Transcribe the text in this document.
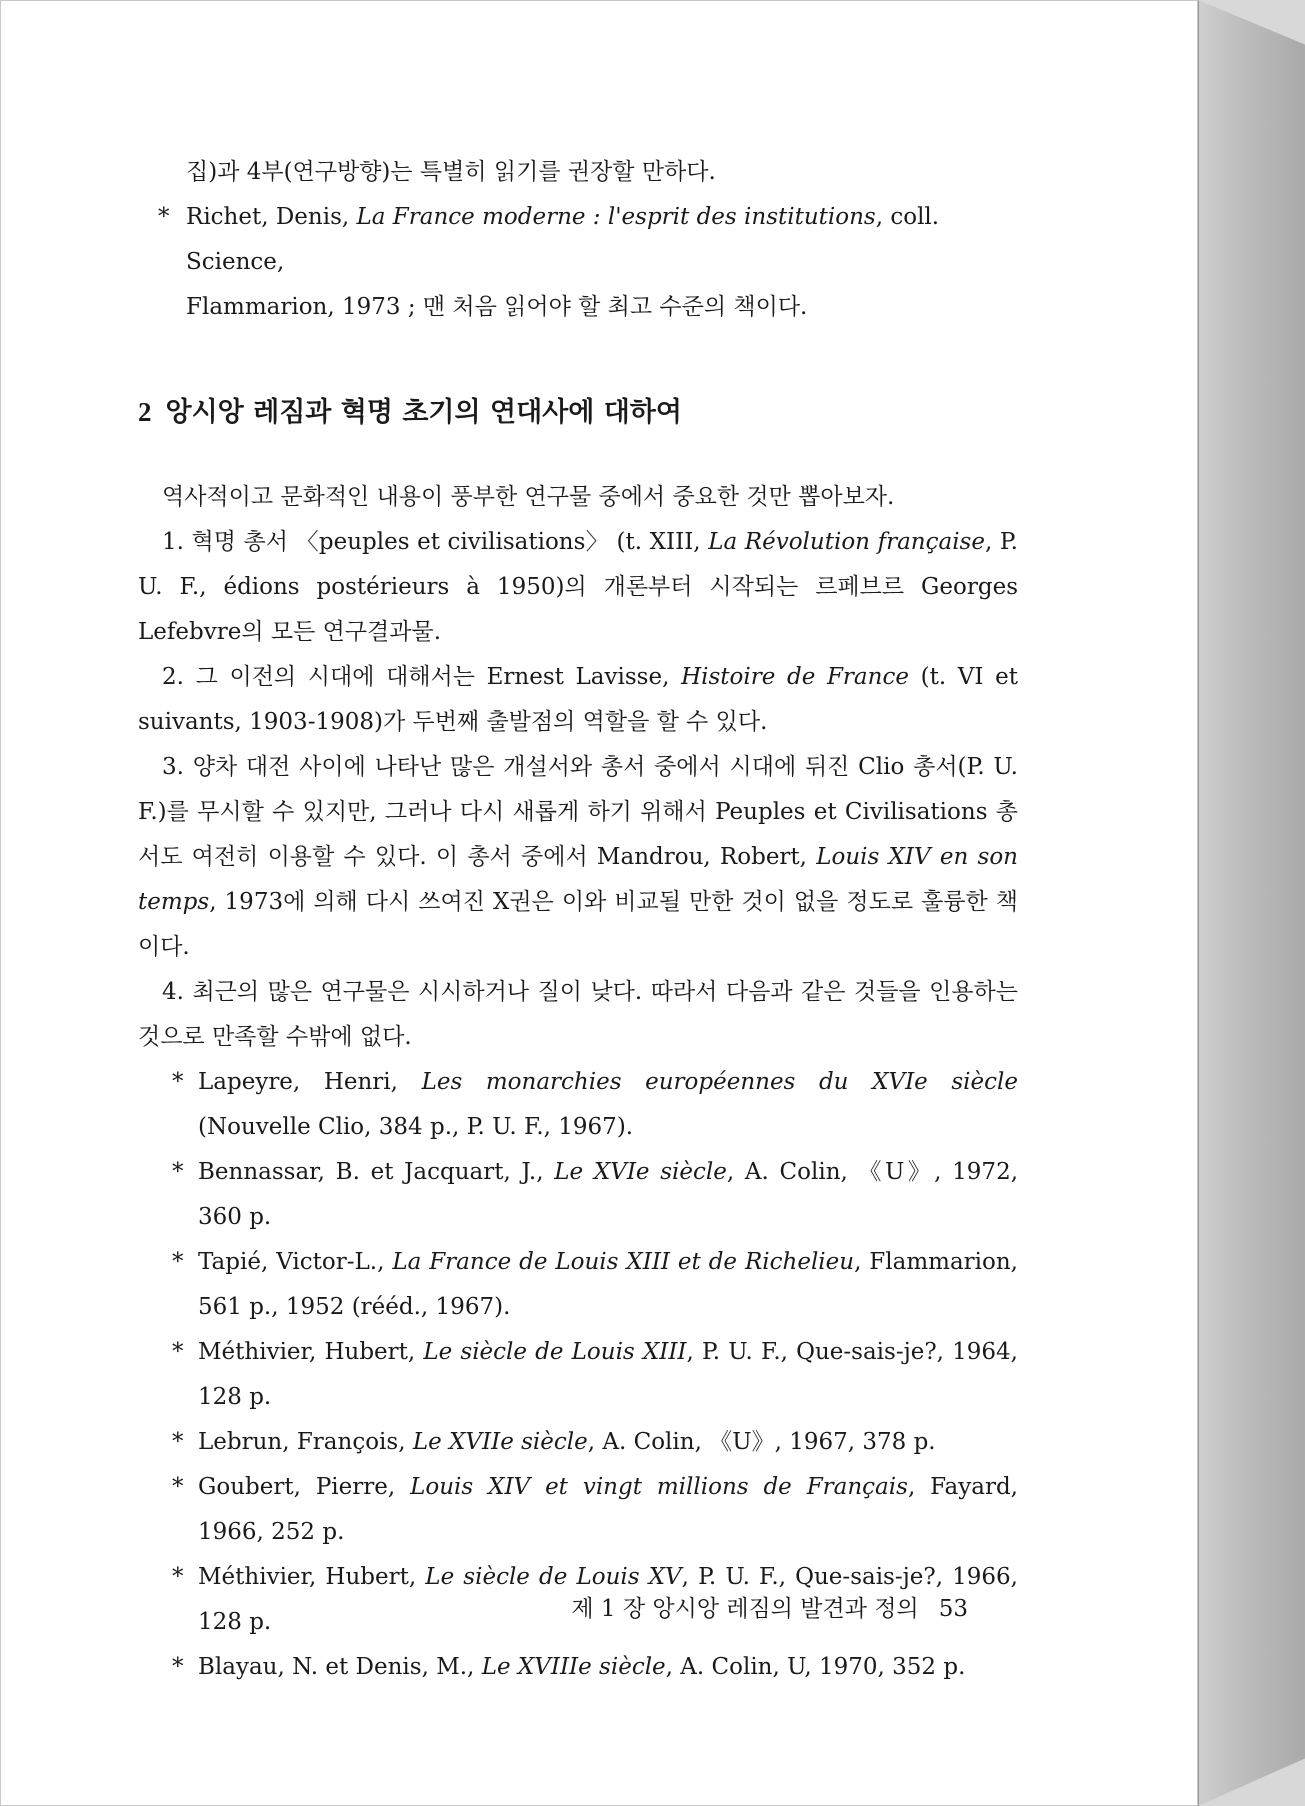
집)과 4부(연구방향)는 특별히 읽기를 권장할 만하다.

* Richet, Denis, La France moderne : l'esprit des institutions, coll. Science,
Flammarion, 1973 ; 맨 처음 읽어야 할 최고 수준의 책이다.
2 앙시앙 레짐과 혁명 초기의 연대사에 대하여

역사적이고 문화적인 내용이 풍부한 연구물 중에서 중요한 것만 뽑아보자.

1. 혁명 총서 〈peuples et civilisations〉 (t. XIII, La Révolution française, P. U. F., édions postérieurs à 1950)의 개론부터 시작되는 르페브르 Georges Lefebvre의 모든 연구결과물.

2. 그 이전의 시대에 대해서는 Ernest Lavisse, Histoire de France (t. VI et suivants, 1903-1908)가 두번째 출발점의 역할을 할 수 있다.

3. 양차 대전 사이에 나타난 많은 개설서와 총서 중에서 시대에 뒤진 Clio 총서(P. U. F.)를 무시할 수 있지만, 그러나 다시 새롭게 하기 위해서 Peuples et Civilisations 총서도 여전히 이용할 수 있다. 이 총서 중에서 Mandrou, Robert, Louis XIV en son temps, 1973에 의해 다시 쓰여진 X권은 이와 비교될 만한 것이 없을 정도로 훌륭한 책이다.

4. 최근의 많은 연구물은 시시하거나 질이 낮다. 따라서 다음과 같은 것들을 인용하는 것으로 만족할 수밖에 없다.

* Lapeyre, Henri, Les monarchies européennes du XVIe siècle (Nouvelle Clio, 384 p., P. U. F., 1967).

* Bennassar, B. et Jacquart, J., Le XVIe siècle, A. Colin, 《U》, 1972, 360 p.

* Tapié, Victor-L., La France de Louis XIII et de Richelieu, Flammarion, 561 p., 1952 (rééd., 1967).

* Méthivier, Hubert, Le siècle de Louis XIII, P. U. F., Que-sais-je?, 1964, 128 p.

* Lebrun, François, Le XVIIe siècle, A. Colin, 《U》, 1967, 378 p.

* Goubert, Pierre, Louis XIV et vingt millions de Français, Fayard, 1966, 252 p.

* Méthivier, Hubert, Le siècle de Louis XV, P. U. F., Que-sais-je?, 1966, 128 p.

* Blayau, N. et Denis, M., Le XVIIIe siècle, A. Colin, U, 1970, 352 p.

제 1 장 앙시앙 레짐의 발견과 정의 53
